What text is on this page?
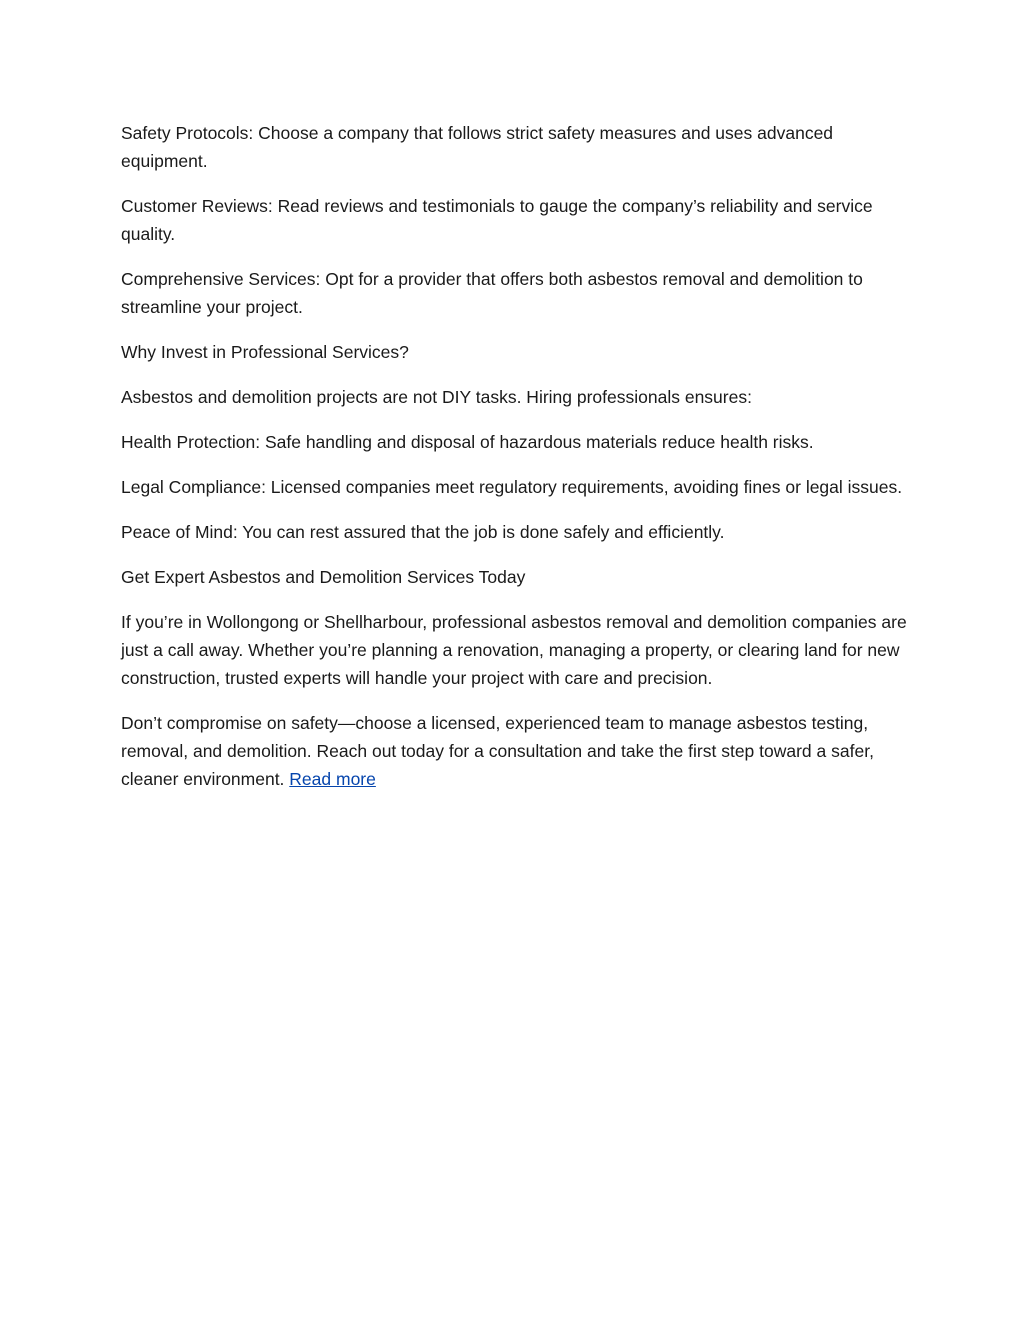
Safety Protocols: Choose a company that follows strict safety measures and uses advanced equipment.

Customer Reviews: Read reviews and testimonials to gauge the company’s reliability and service quality.

Comprehensive Services: Opt for a provider that offers both asbestos removal and demolition to streamline your project.

Why Invest in Professional Services?

Asbestos and demolition projects are not DIY tasks. Hiring professionals ensures:

Health Protection: Safe handling and disposal of hazardous materials reduce health risks.

Legal Compliance: Licensed companies meet regulatory requirements, avoiding fines or legal issues.

Peace of Mind: You can rest assured that the job is done safely and efficiently.

Get Expert Asbestos and Demolition Services Today

If you’re in Wollongong or Shellharbour, professional asbestos removal and demolition companies are just a call away. Whether you’re planning a renovation, managing a property, or clearing land for new construction, trusted experts will handle your project with care and precision.

Don’t compromise on safety—choose a licensed, experienced team to manage asbestos testing, removal, and demolition. Reach out today for a consultation and take the first step toward a safer, cleaner environment. Read more
